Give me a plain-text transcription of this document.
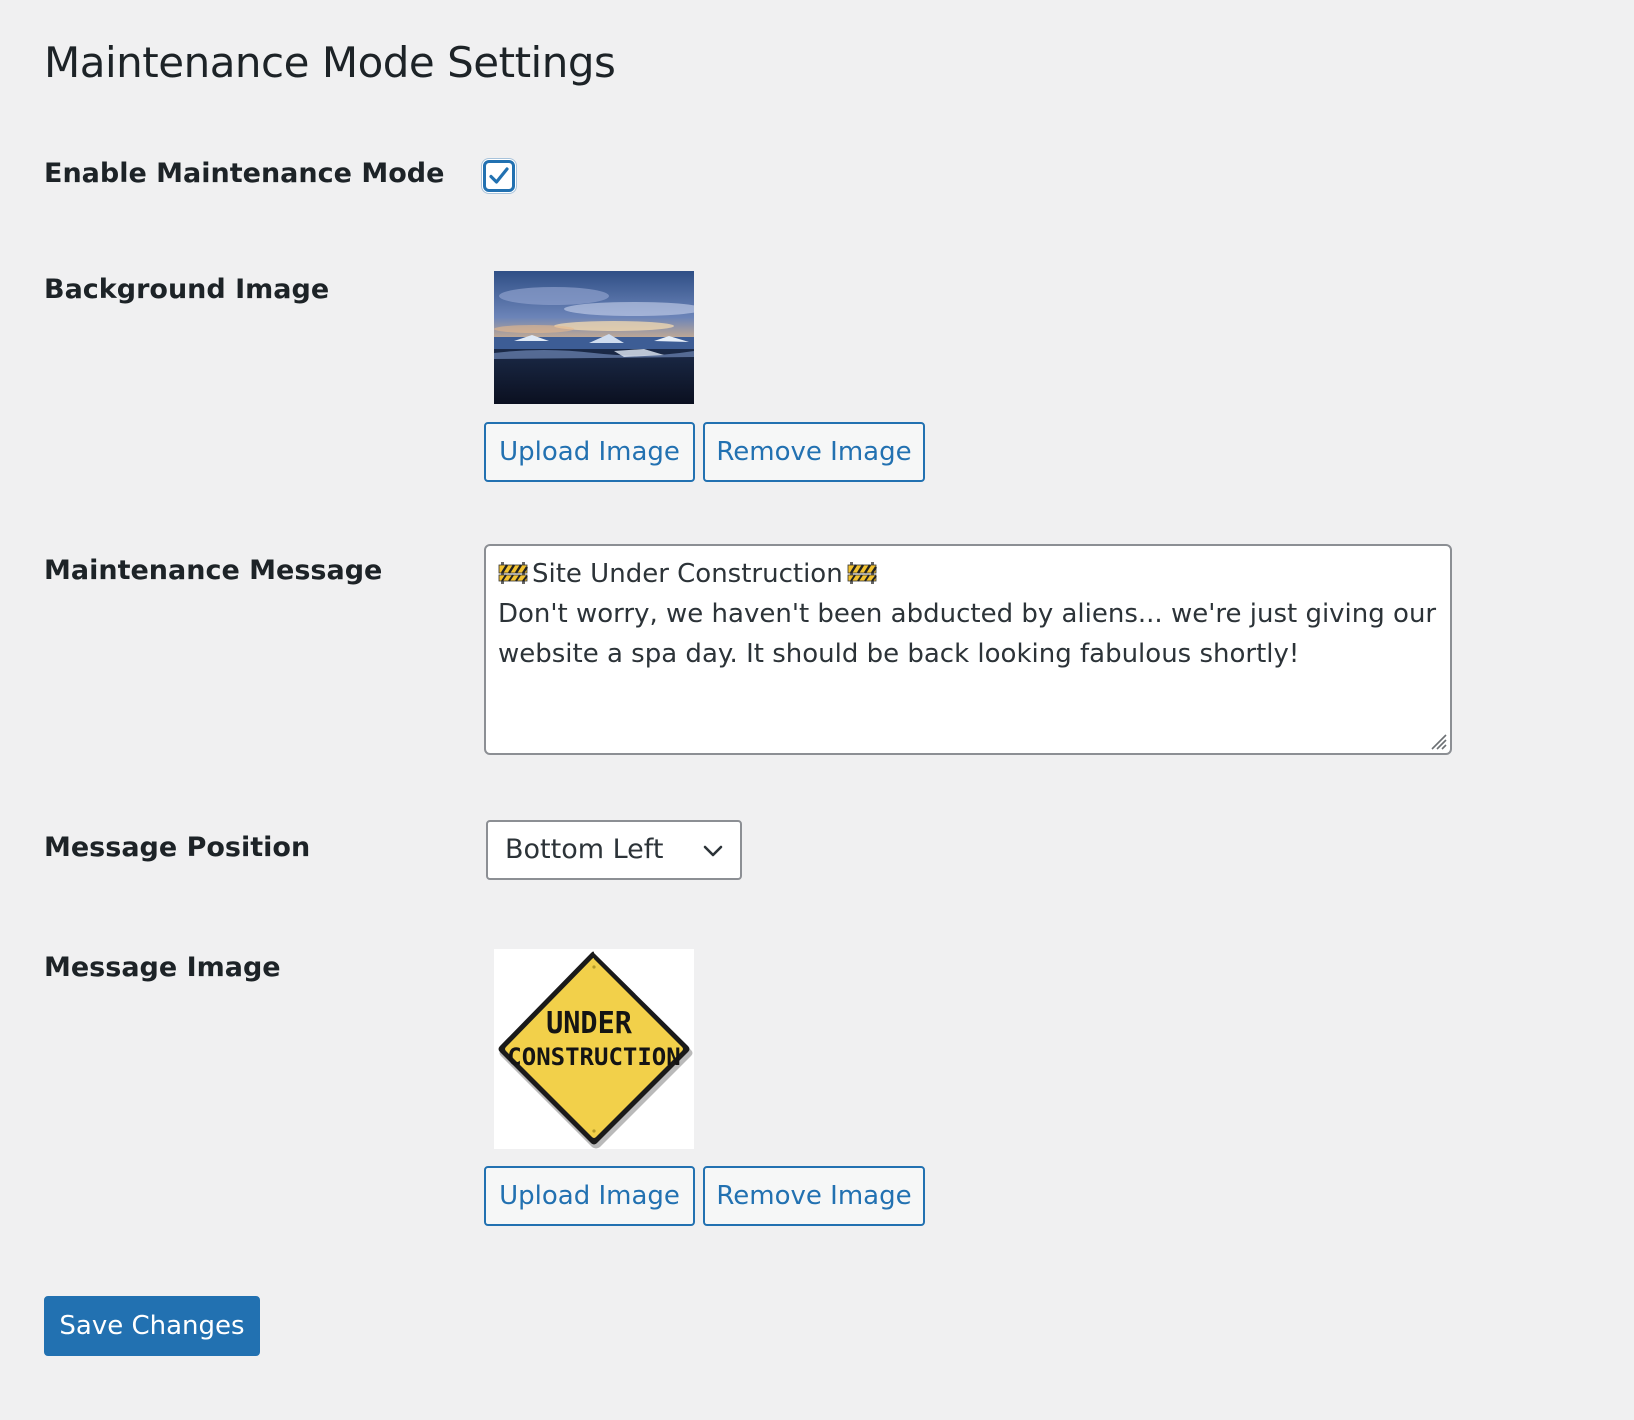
Maintenance Mode Settings
Enable Maintenance Mode
Background Image
Upload Image	Remove Image
Maintenance Message	Site Under Construction

Don't worry, we haven't been abducted by aliens... we're just giving our website a spa day. It should be back looking fabulous shortly!

Message Position	Bottom Left
Message Image
UNDER
CONSTRUCTION
Upload Image	Remove Image
Save Changes
